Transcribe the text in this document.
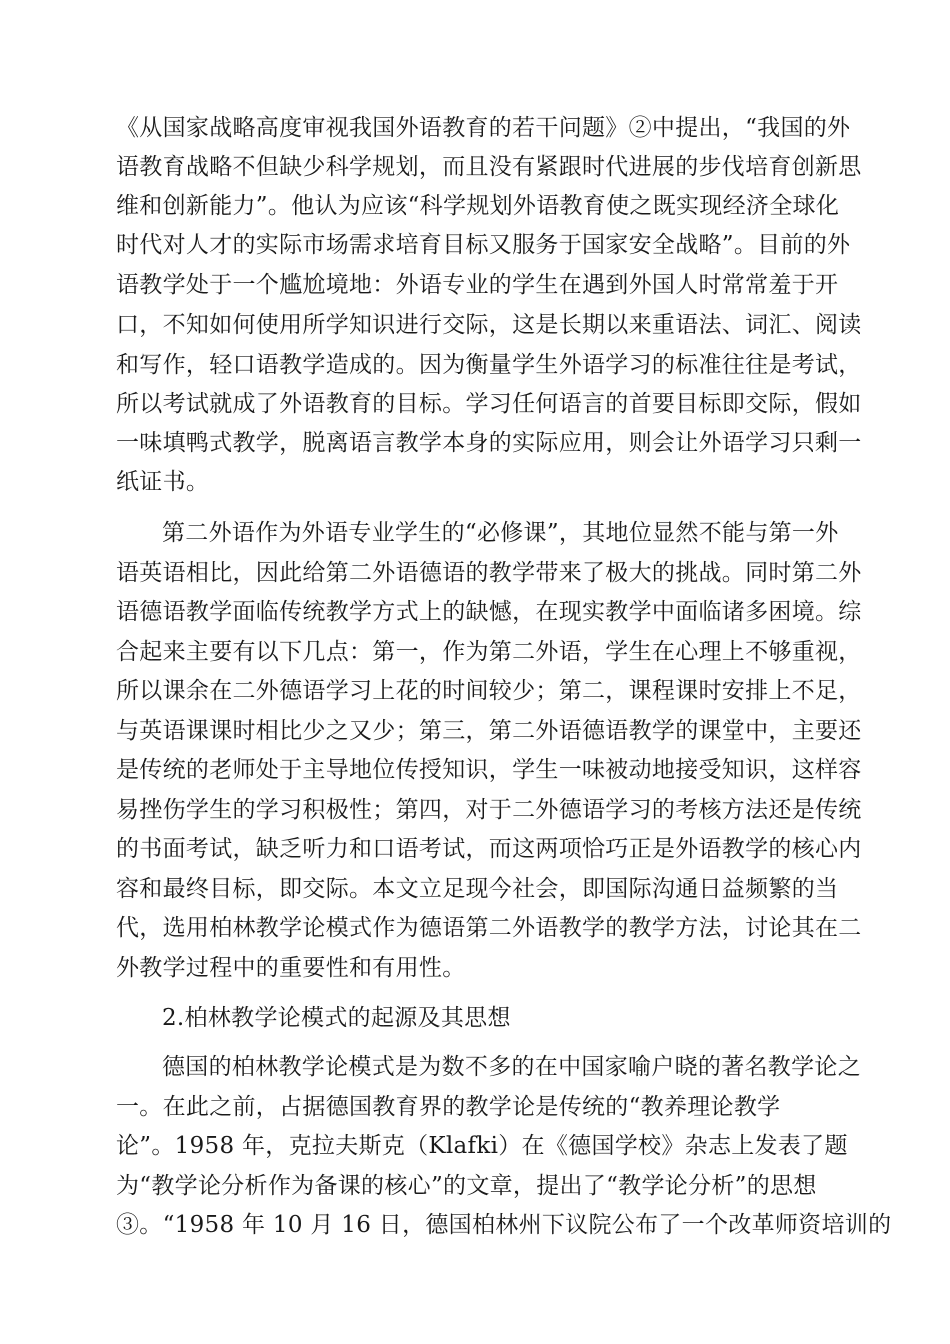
《从国家战略高度审视我国外语教育的若干问题》②中提出，“我国的外
语教育战略不但缺少科学规划，而且没有紧跟时代进展的步伐培育创新思
维和创新能力”。他认为应该“科学规划外语教育使之既实现经济全球化
时代对人才的实际市场需求培育目标又服务于国家安全战略”。目前的外
语教学处于一个尴尬境地：外语专业的学生在遇到外国人时常常羞于开
口，不知如何使用所学知识进行交际，这是长期以来重语法、词汇、阅读
和写作，轻口语教学造成的。因为衡量学生外语学习的标准往往是考试，
所以考试就成了外语教育的目标。学习任何语言的首要目标即交际，假如
一味填鸭式教学，脱离语言教学本身的实际应用，则会让外语学习只剩一
纸证书。
第二外语作为外语专业学生的“必修课”，其地位显然不能与第一外
语英语相比，因此给第二外语德语的教学带来了极大的挑战。同时第二外
语德语教学面临传统教学方式上的缺憾，在现实教学中面临诸多困境。综
合起来主要有以下几点：第一，作为第二外语，学生在心理上不够重视，
所以课余在二外德语学习上花的时间较少；第二，课程课时安排上不足，
与英语课课时相比少之又少；第三，第二外语德语教学的课堂中，主要还
是传统的老师处于主导地位传授知识，学生一味被动地接受知识，这样容
易挫伤学生的学习积极性；第四，对于二外德语学习的考核方法还是传统
的书面考试，缺乏听力和口语考试，而这两项恰巧正是外语教学的核心内
容和最终目标，即交际。本文立足现今社会，即国际沟通日益频繁的当
代，选用柏林教学论模式作为德语第二外语教学的教学方法，讨论其在二
外教学过程中的重要性和有用性。
2.柏林教学论模式的起源及其思想
德国的柏林教学论模式是为数不多的在中国家喻户晓的著名教学论之
一。在此之前，占据德国教育界的教学论是传统的“教养理论教学
论”。1958 年，克拉夫斯克（Klafki）在《德国学校》杂志上发表了题
为“教学论分析作为备课的核心”的文章，提出了“教学论分析”的思想
③。“1958 年 10 月 16 日，德国柏林州下议院公布了一个改革师资培训的
